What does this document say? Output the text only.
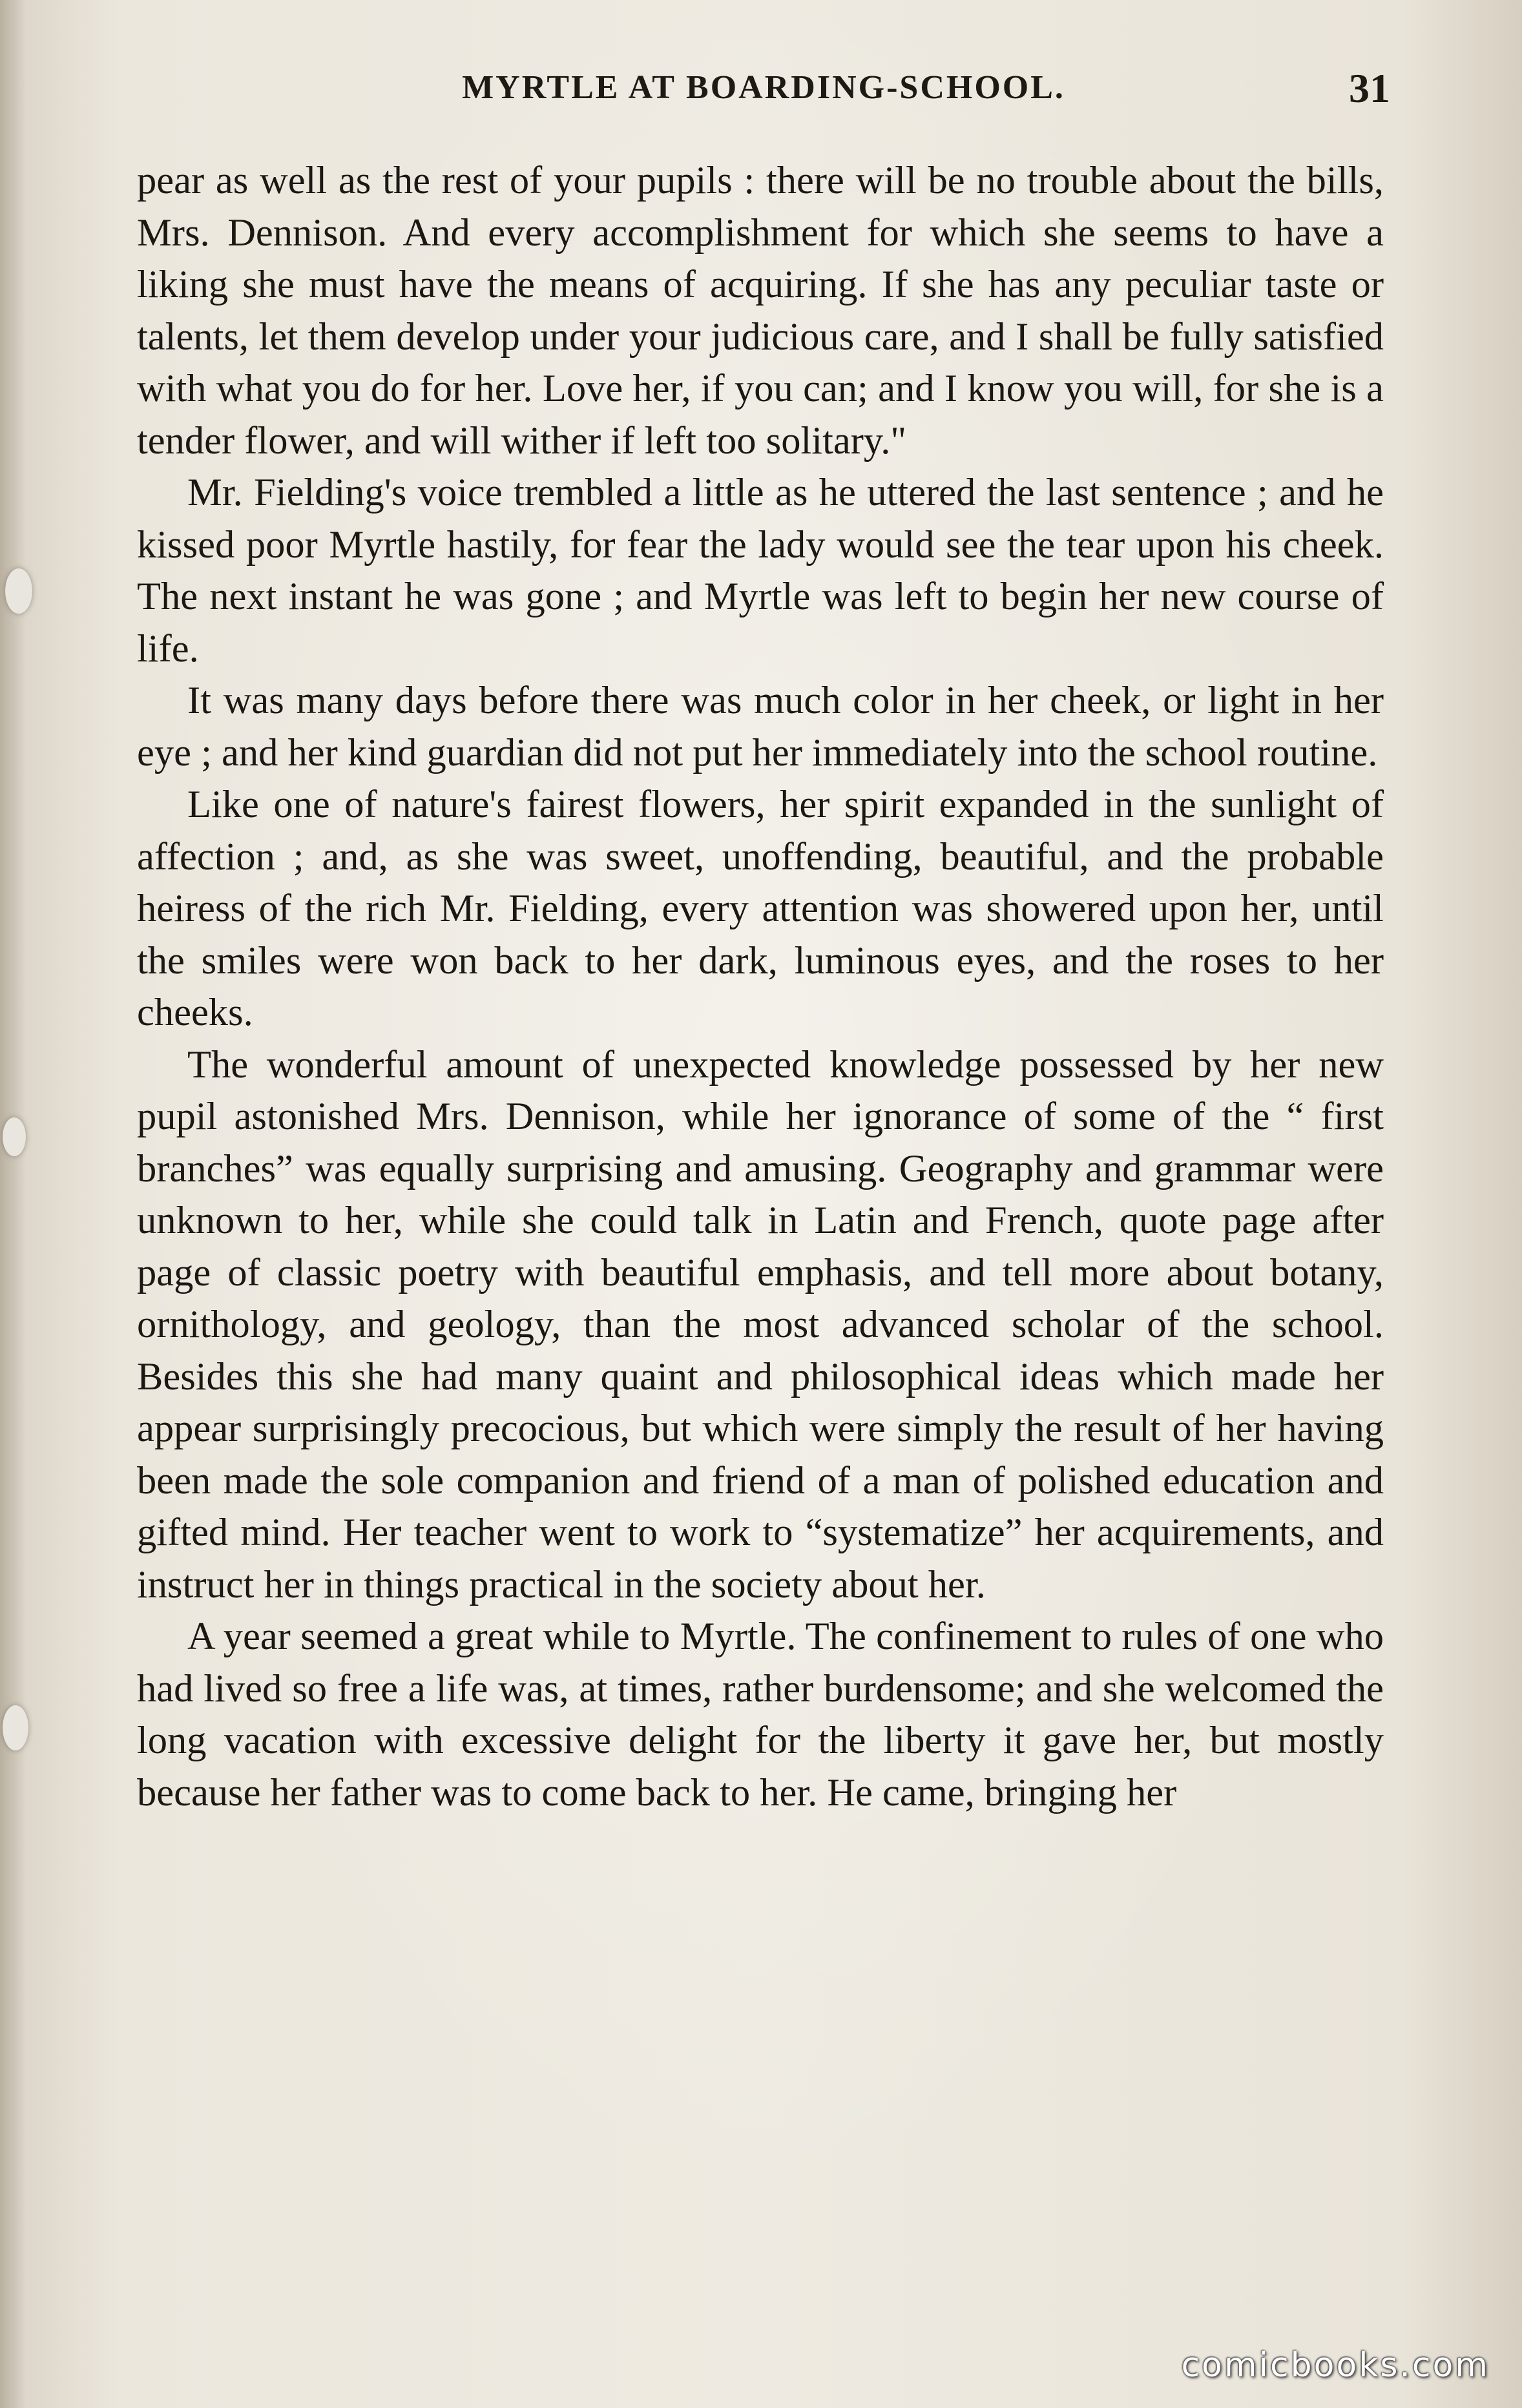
MYRTLE AT BOARDING-SCHOOL.	31

pear as well as the rest of your pupils : there will be no trouble about the bills, Mrs. Dennison. And every accomplishment for which she seems to have a liking she must have the means of acquiring. If she has any peculiar taste or talents, let them develop under your judicious care, and I shall be fully satisfied with what you do for her. Love her, if you can; and I know you will, for she is a tender flower, and will wither if left too solitary."

Mr. Fielding's voice trembled a little as he uttered the last sentence ; and he kissed poor Myrtle hastily, for fear the lady would see the tear upon his cheek. The next instant he was gone ; and Myrtle was left to begin her new course of life.

It was many days before there was much color in her cheek, or light in her eye ; and her kind guardian did not put her immediately into the school routine.

Like one of nature's fairest flowers, her spirit expanded in the sunlight of affection ; and, as she was sweet, unoffending, beautiful, and the probable heiress of the rich Mr. Fielding, every attention was showered upon her, until the smiles were won back to her dark, luminous eyes, and the roses to her cheeks.

The wonderful amount of unexpected knowledge possessed by her new pupil astonished Mrs. Dennison, while her ignorance of some of the “ first branches” was equally surprising and amusing. Geography and grammar were unknown to her, while she could talk in Latin and French, quote page after page of classic poetry with beautiful emphasis, and tell more about botany, ornithology, and geology, than the most advanced scholar of the school. Besides this she had many quaint and philosophical ideas which made her appear surprisingly precocious, but which were simply the result of her having been made the sole companion and friend of a man of polished education and gifted mind. Her teacher went to work to “systematize” her acquirements, and instruct her in things practical in the society about her.

A year seemed a great while to Myrtle. The confinement to rules of one who had lived so free a life was, at times, rather burdensome; and she welcomed the long vacation with excessive delight for the liberty it gave her, but mostly because her father was to come back to her. He came, bringing her

comicbooks.com
